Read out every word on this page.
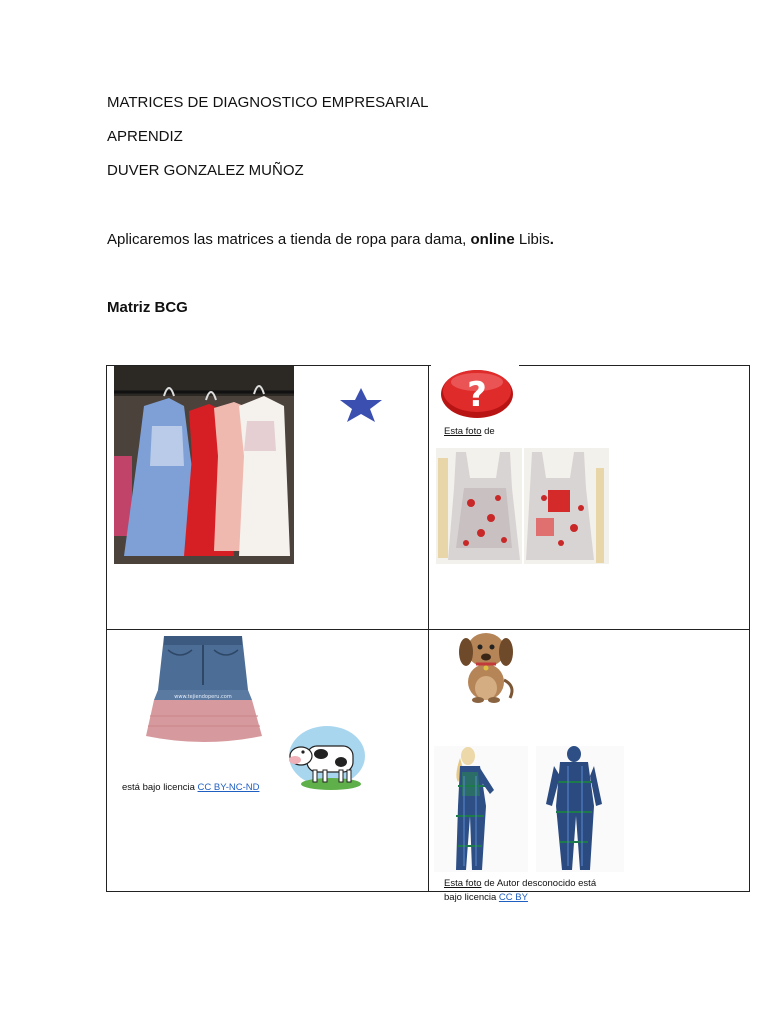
MATRICES DE DIAGNOSTICO EMPRESARIAL
APRENDIZ
DUVER GONZALEZ MUÑOZ
Aplicaremos las matrices a tienda de ropa para dama, online Libis.
Matriz BCG
?
Esta foto de
www.tejiendoperu.com
está bajo licencia CC BY-NC-ND
Esta foto de Autor desconocido está
bajo licencia CC BY
